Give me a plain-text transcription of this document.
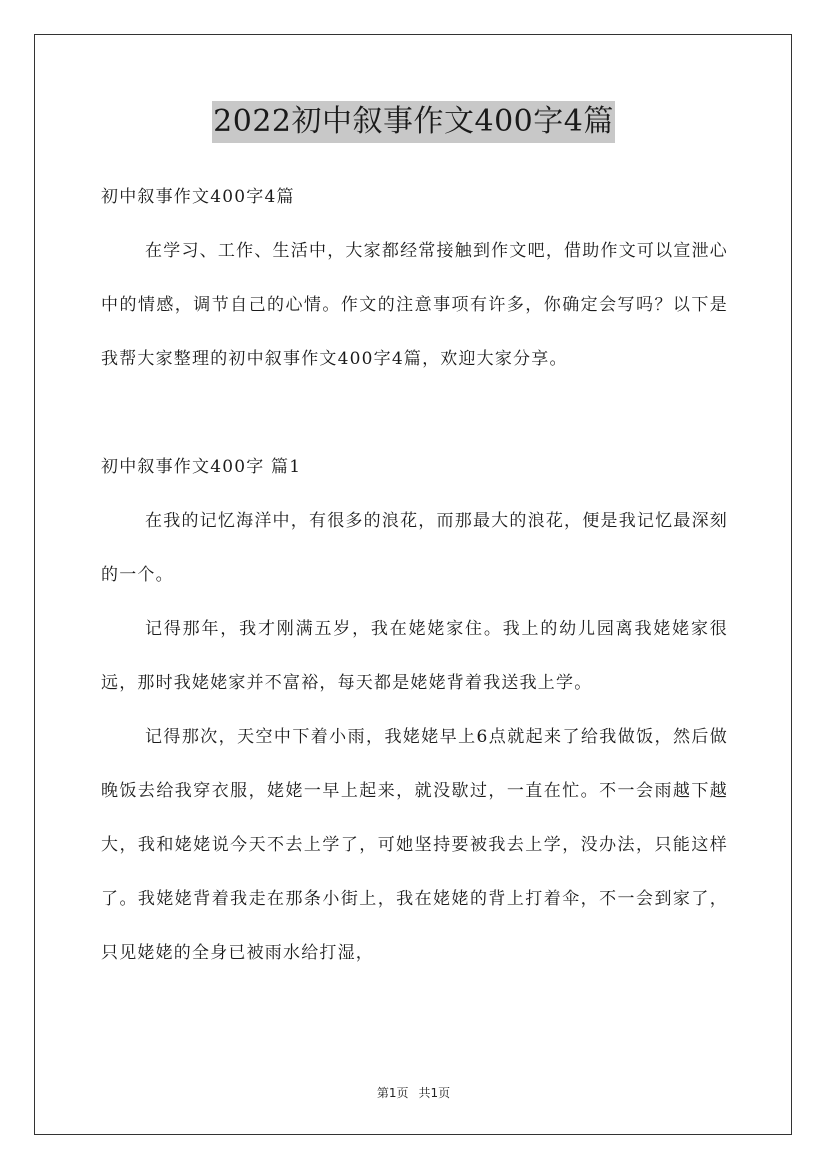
2022初中叙事作文400字4篇

初中叙事作文400字4篇

在学习、工作、生活中，大家都经常接触到作文吧，借助作文可以宣泄心中的情感，调节自己的心情。作文的注意事项有许多，你确定会写吗？以下是我帮大家整理的初中叙事作文400字4篇，欢迎大家分享。

初中叙事作文400字 篇1

在我的记忆海洋中，有很多的浪花，而那最大的浪花，便是我记忆最深刻的一个。

记得那年，我才刚满五岁，我在姥姥家住。我上的幼儿园离我姥姥家很远，那时我姥姥家并不富裕，每天都是姥姥背着我送我上学。

记得那次，天空中下着小雨，我姥姥早上6点就起来了给我做饭，然后做晚饭去给我穿衣服，姥姥一早上起来，就没歇过，一直在忙。不一会雨越下越大，我和姥姥说今天不去上学了，可她坚持要被我去上学，没办法，只能这样了。我姥姥背着我走在那条小街上，我在姥姥的背上打着伞，不一会到家了，只见姥姥的全身已被雨水给打湿，

第1页 共1页
